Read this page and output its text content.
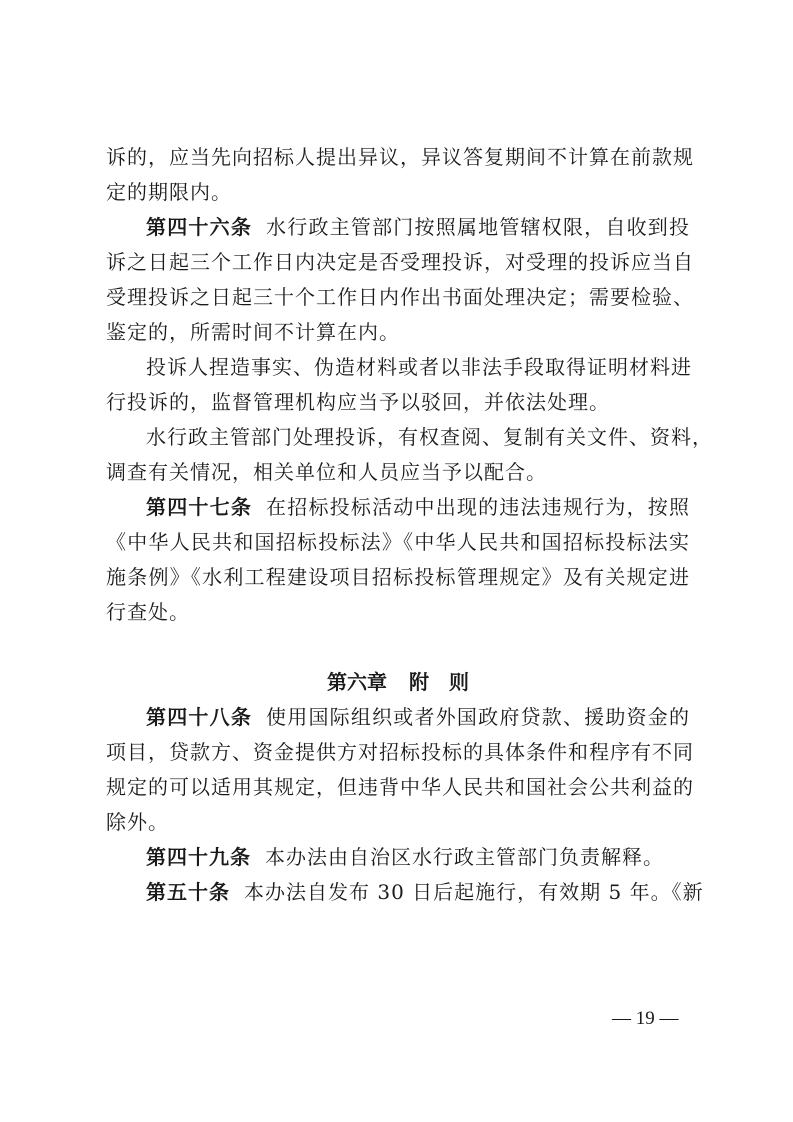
诉的，应当先向招标人提出异议，异议答复期间不计算在前款规
定的期限内。
第四十六条 水行政主管部门按照属地管辖权限，自收到投
诉之日起三个工作日内决定是否受理投诉，对受理的投诉应当自
受理投诉之日起三十个工作日内作出书面处理决定；需要检验、
鉴定的，所需时间不计算在内。
投诉人捏造事实、伪造材料或者以非法手段取得证明材料进
行投诉的，监督管理机构应当予以驳回，并依法处理。
水行政主管部门处理投诉，有权查阅、复制有关文件、资料，
调查有关情况，相关单位和人员应当予以配合。
第四十七条 在招标投标活动中出现的违法违规行为，按照
《中华人民共和国招标投标法》《中华人民共和国招标投标法实
施条例》《水利工程建设项目招标投标管理规定》及有关规定进
行查处。
第六章 附　则
第四十八条 使用国际组织或者外国政府贷款、援助资金的
项目，贷款方、资金提供方对招标投标的具体条件和程序有不同
规定的可以适用其规定，但违背中华人民共和国社会公共利益的
除外。
第四十九条 本办法由自治区水行政主管部门负责解释。
第五十条 本办法自发布 30 日后起施行，有效期 5 年。《新
— 19 —
